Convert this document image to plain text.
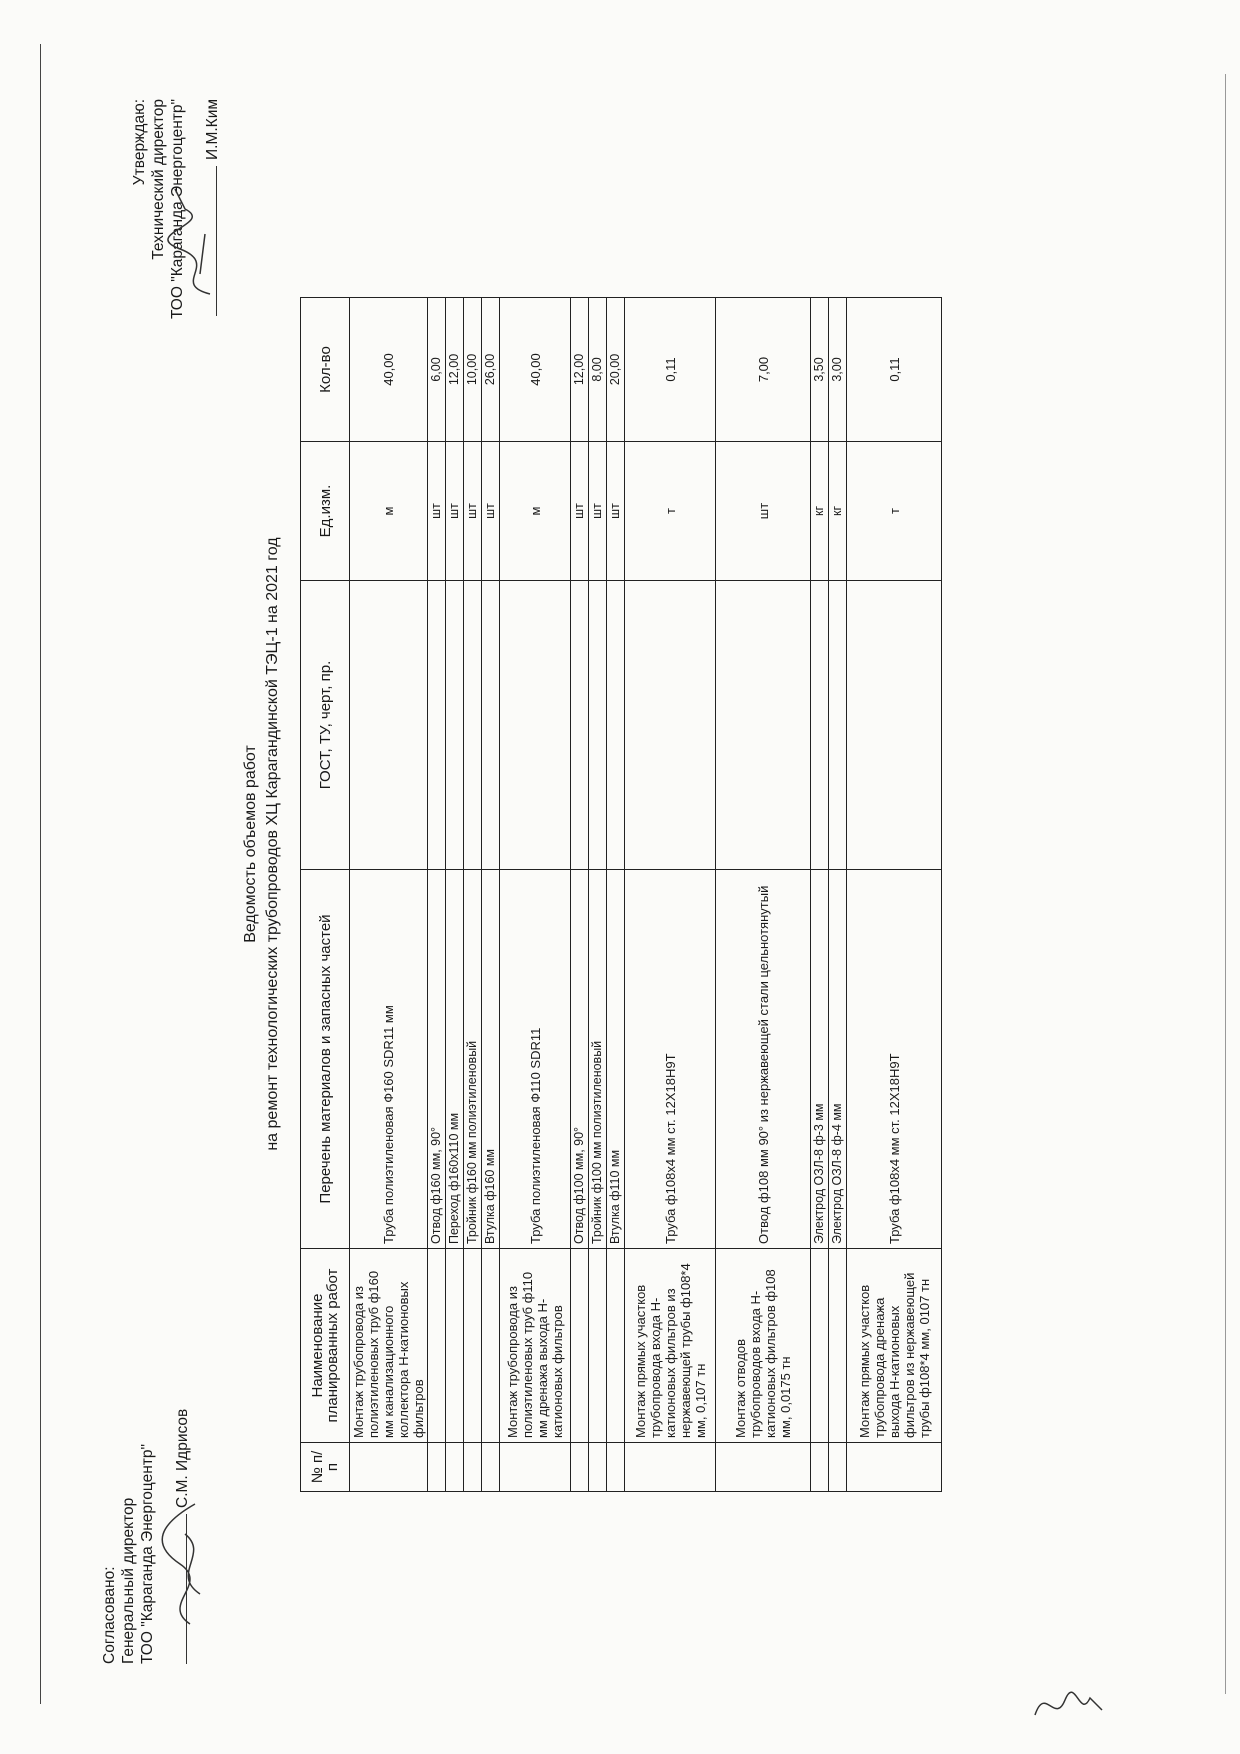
Согласовано: Генеральный директор ТОО "Карагандa Энергоцентр" С.М. Идрисов
Утверждаю: Технический директор ТОО "Карагандa Энергоцентр" И.М.Ким
Ведомость объемов работ на ремонт технологических трубопроводов ХЦ Карагандинской ТЭЦ-1 на 2021 год
№ п/п	Наименование планированных работ	Перечень материалов и запасных частей	ГОСТ, ТУ, черт, пр.	Ед.изм.	Кол-во
	Монтаж трубопровода из полиэтиленовых труб ф160 мм канализационного коллектора Н-катионовых фильтров	Труба полиэтиленовая Ф160 SDR11 мм		м	40,00
		Отвод ф160 мм, 90°		шт	6,00
		Переход ф160х110 мм		шт	12,00
		Тройник ф160 мм полиэтиленовый		шт	10,00
		Втулка ф160 мм		шт	26,00
	Монтаж трубопровода из полиэтиленовых труб ф110 мм дренажа выхода Н-катионовых фильтров	Труба полиэтиленовая Ф110 SDR11		м	40,00
		Отвод ф100 мм, 90°		шт	12,00
		Тройник ф100 мм полиэтиленовый		шт	8,00
		Втулка ф110 мм		шт	20,00
	Монтаж прямых участков трубопровода входа Н-катионовых фильтров из нержавеющей трубы ф108*4 мм, 0,107 тн	Труба ф108х4 мм ст. 12Х18Н9Т		т	0,11
	Монтаж отводов трубопроводов входа Н-катионовых фильтров ф108 мм, 0,0175 тн	Отвод ф108 мм 90° из нержавеющей стали цельнотянутый		шт	7,00
		Электрод ОЗЛ-8 ф-3 мм		кг	3,50
		Электрод ОЗЛ-8 ф-4 мм		кг	3,00
	Монтаж прямых участков трубопровода дренажа выхода Н-катионовых фильтров из нержавеющей трубы ф108*4 мм, 0107 тн	Труба ф108х4 мм ст. 12Х18Н9Т		т	0,11
